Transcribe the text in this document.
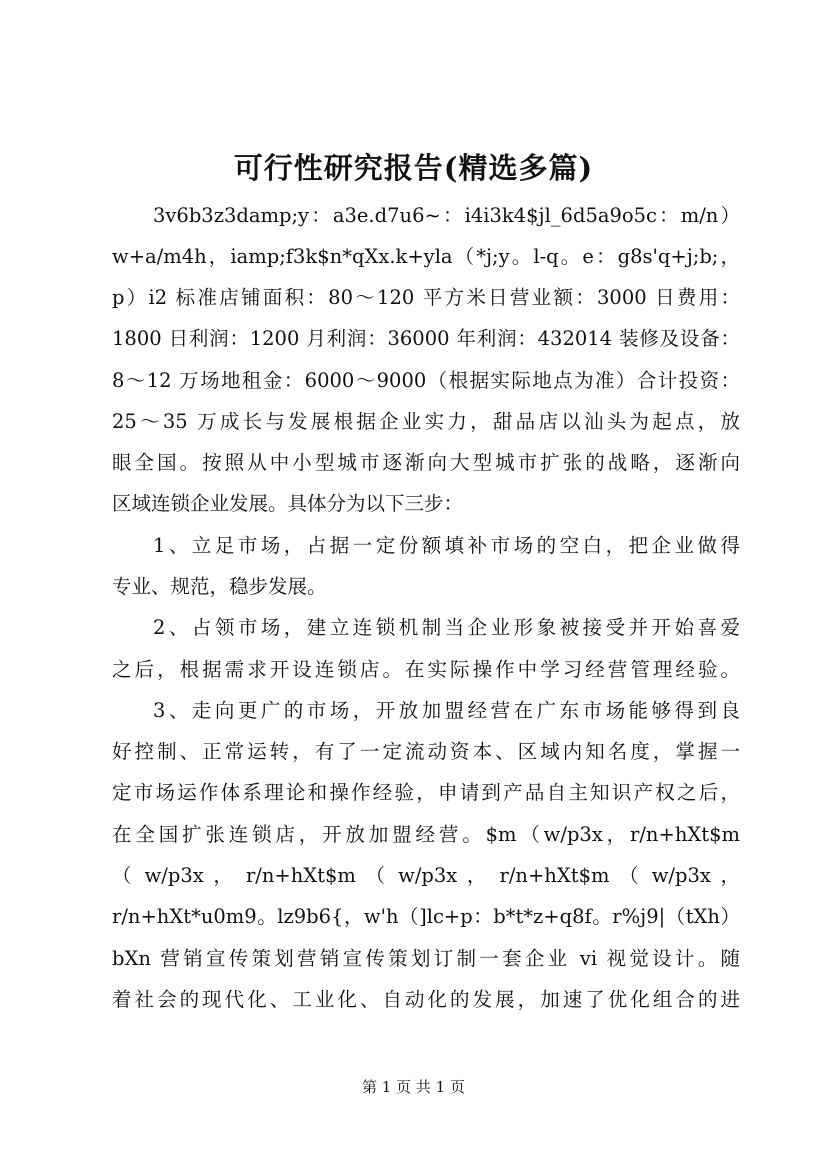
可行性研究报告(精选多篇)
3v6b3z3damp;y：a3e.d7u6~：i4i3k4$jl_6d5a9o5c：m/n）
w+a/m4h，iamp;f3k$n*qXx.k+yla（*j;y。l-q。e：g8s'q+j;b;，
p）i2 标准店铺面积：80～120 平方米日营业额：3000 日费用：
1800 日利润：1200 月利润：36000 年利润：432014 装修及设备：
8～12 万场地租金：6000～9000（根据实际地点为准）合计投资：
25～35 万成长与发展根据企业实力，甜品店以汕头为起点，放
眼全国。按照从中小型城市逐渐向大型城市扩张的战略，逐渐向
区域连锁企业发展。具体分为以下三步：
1、立足市场，占据一定份额填补市场的空白，把企业做得
专业、规范，稳步发展。
2、占领市场，建立连锁机制当企业形象被接受并开始喜爱
之后，根据需求开设连锁店。在实际操作中学习经营管理经验。
3、走向更广的市场，开放加盟经营在广东市场能够得到良
好控制、正常运转，有了一定流动资本、区域内知名度，掌握一
定市场运作体系理论和操作经验，申请到产品自主知识产权之后，
在全国扩张连锁店，开放加盟经营。$m（w/p3x，r/n+hXt$m
（ w/p3x ， r/n+hXt$m （ w/p3x ， r/n+hXt$m （ w/p3x ，
r/n+hXt*u0m9。lz9b6{，w'h（]lc+p：b*t*z+q8f。r%j9|（tXh）
bXn 营销宣传策划营销宣传策划订制一套企业 vi 视觉设计。随
着社会的现代化、工业化、自动化的发展，加速了优化组合的进
第 1 页 共 1 页
